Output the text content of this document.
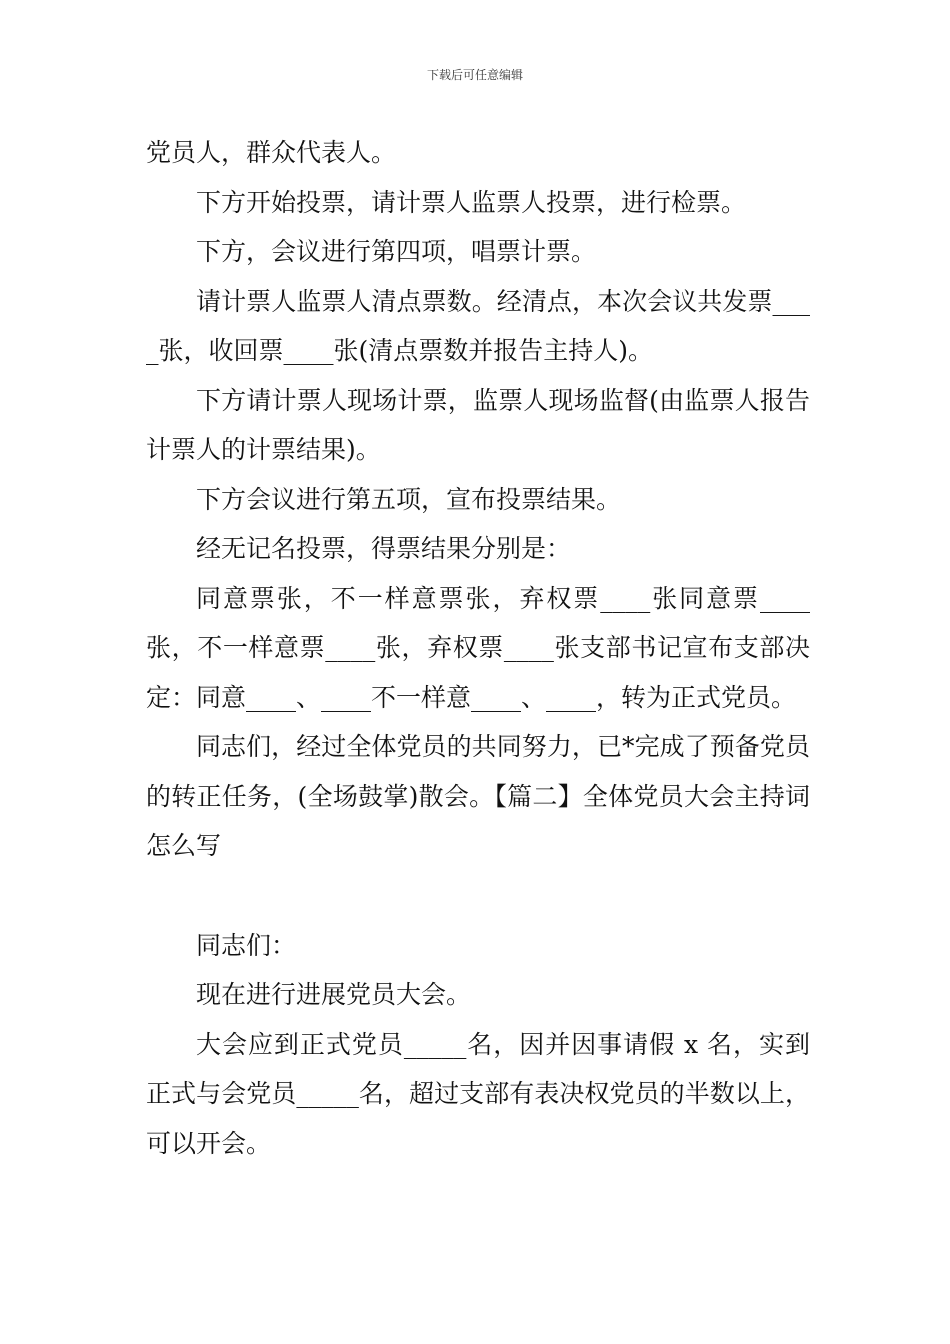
下载后可任意编辑

党员人，群众代表人。

下方开始投票，请计票人监票人投票，进行检票。

下方，会议进行第四项，唱票计票。

请计票人监票人清点票数。经清点，本次会议共发票____张，收回票____张(清点票数并报告主持人)。

下方请计票人现场计票，监票人现场监督(由监票人报告计票人的计票结果)。

下方会议进行第五项，宣布投票结果。

经无记名投票，得票结果分别是：

同意票张，不一样意票张，弃权票____张同意票____张，不一样意票____张，弃权票____张支部书记宣布支部决定：同意____、____不一样意____、____，转为正式党员。

同志们，经过全体党员的共同努力，已*完成了预备党员的转正任务，(全场鼓掌)散会。【篇二】全体党员大会主持词怎么写

同志们：

现在进行进展党员大会。

大会应到正式党员_____名，因并因事请假 x 名，实到正式与会党员_____名，超过支部有表决权党员的半数以上，可以开会。
